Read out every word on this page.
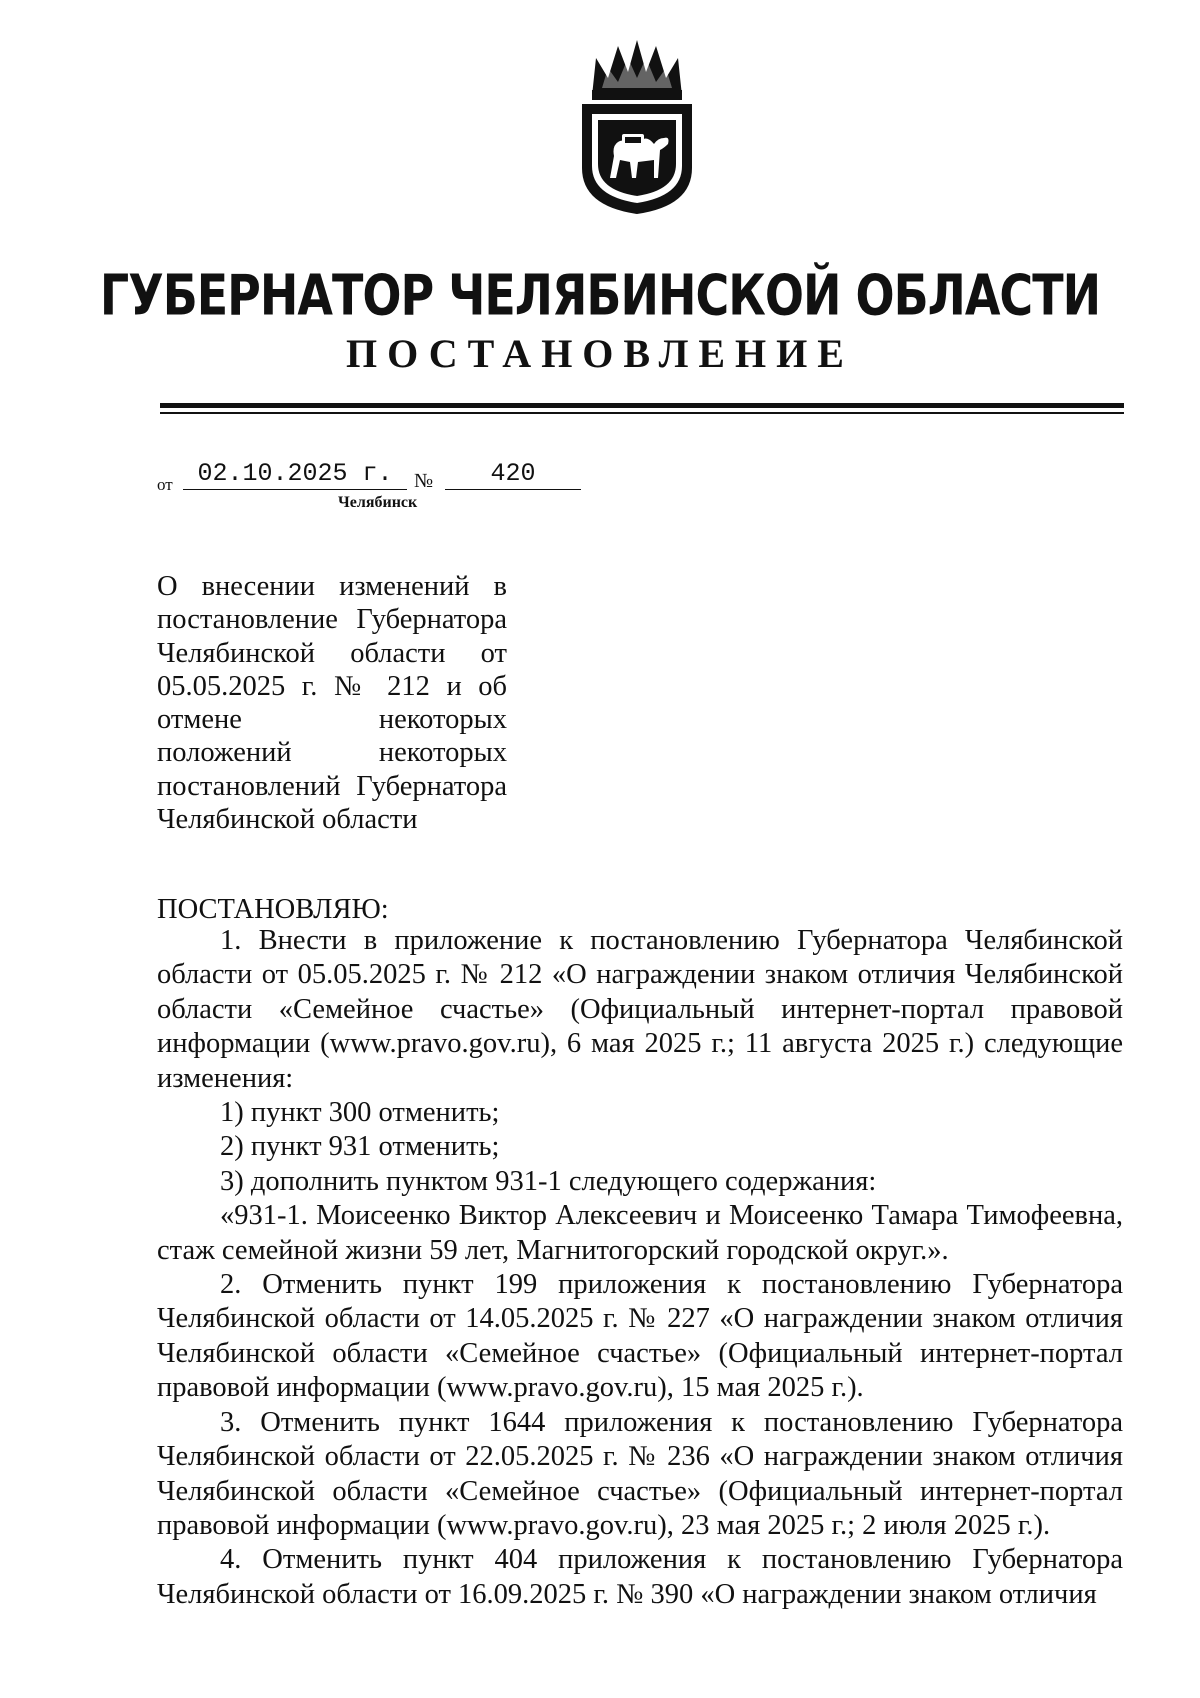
ГУБЕРНАТОР ЧЕЛЯБИНСКОЙ ОБЛАСТИ
ПОСТАНОВЛЕНИЕ
от 02.10.2025 г.	№	420
Челябинск
О внесении изменений в постановление Губернатора Челябинской области от 05.05.2025 г. № 212 и об отмене некоторых положений некоторых постановлений Губернатора Челябинской области
ПОСТАНОВЛЯЮ:

1. Внести в приложение к постановлению Губернатора Челябинской области от 05.05.2025 г. № 212 «О награждении знаком отличия Челябинской области «Семейное счастье» (Официальный интернет-портал правовой информации (www.pravo.gov.ru), 6 мая 2025 г.; 11 августа 2025 г.) следующие изменения:

1) пункт 300 отменить;

2) пункт 931 отменить;

3) дополнить пунктом 931-1 следующего содержания:

«931-1. Моисеенко Виктор Алексеевич и Моисеенко Тамара Тимофеевна, стаж семейной жизни 59 лет, Магнитогорский городской округ.».

2. Отменить пункт 199 приложения к постановлению Губернатора Челябинской области от 14.05.2025 г. № 227 «О награждении знаком отличия Челябинской области «Семейное счастье» (Официальный интернет-портал правовой информации (www.pravo.gov.ru), 15 мая 2025 г.).

3. Отменить пункт 1644 приложения к постановлению Губернатора Челябинской области от 22.05.2025 г. № 236 «О награждении знаком отличия Челябинской области «Семейное счастье» (Официальный интернет-портал правовой информации (www.pravo.gov.ru), 23 мая 2025 г.; 2 июля 2025 г.).

4. Отменить пункт 404 приложения к постановлению Губернатора Челябинской области от 16.09.2025 г. № 390 «О награждении знаком отличия
